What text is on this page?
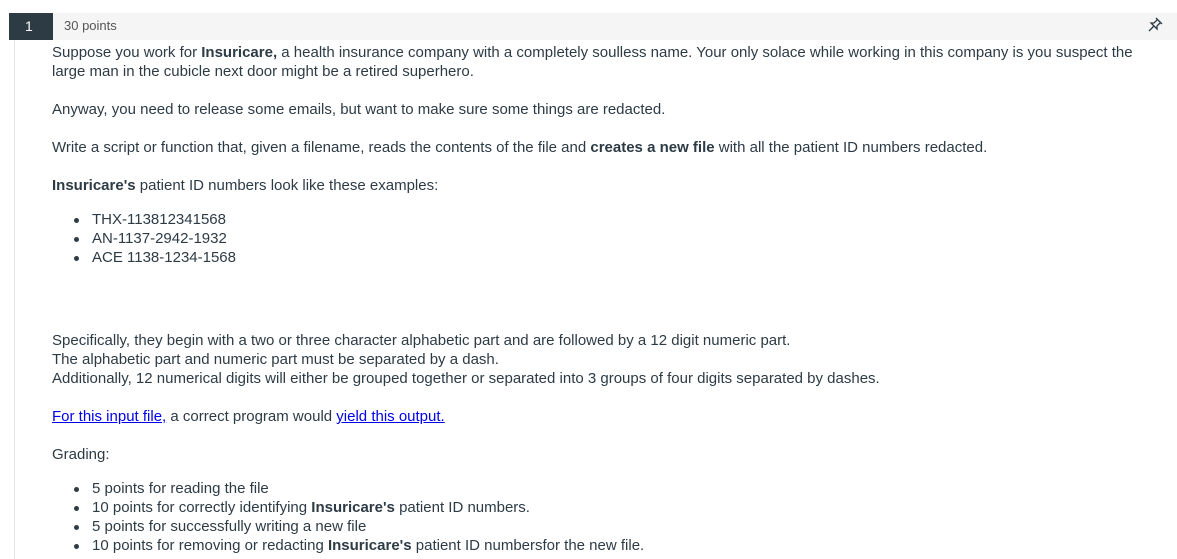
1	30 points

Suppose you work for Insuricare, a health insurance company with a completely soulless name. Your only solace while working in this company is you suspect the
large man in the cubicle next door might be a retired superhero.

Anyway, you need to release some emails, but want to make sure some things are redacted.

Write a script or function that, given a filename, reads the contents of the file and creates a new file with all the patient ID numbers redacted.

Insuricare's patient ID numbers look like these examples:

THX-113812341568
AN-1137-2942-1932
ACE 1138-1234-1568

Specifically, they begin with a two or three character alphabetic part and are followed by a 12 digit numeric part.
The alphabetic part and numeric part must be separated by a dash.
Additionally, 12 numerical digits will either be grouped together or separated into 3 groups of four digits separated by dashes.

For this input file, a correct program would yield this output.

Grading:

5 points for reading the file
10 points for correctly identifying Insuricare's patient ID numbers.
5 points for successfully writing a new file
10 points for removing or redacting Insuricare's patient ID numbersfor the new file.
